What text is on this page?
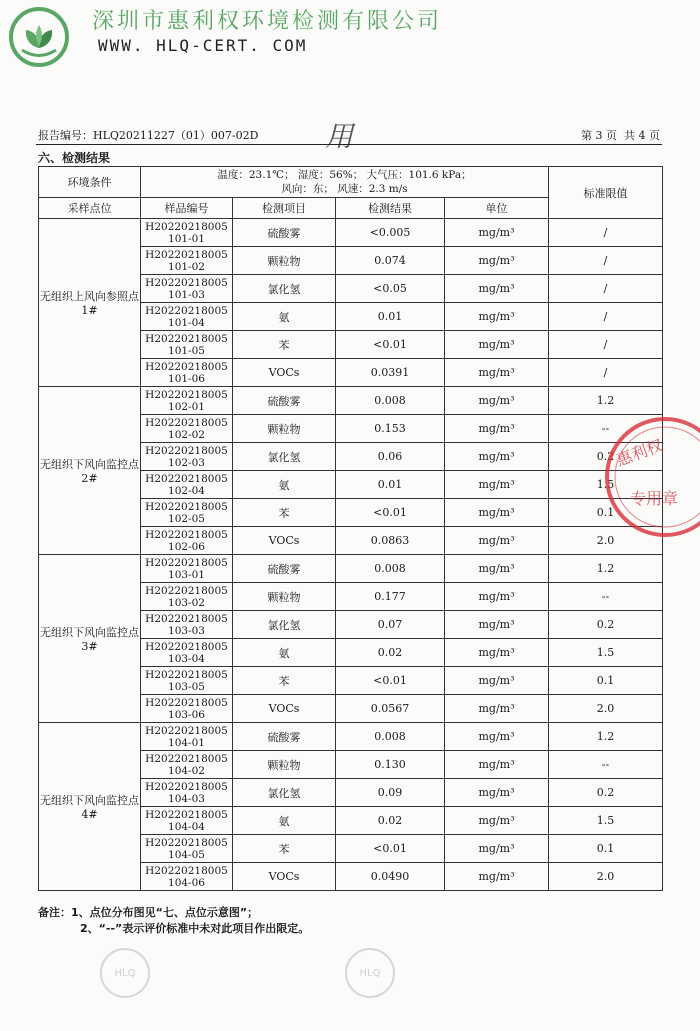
深圳市惠利权环境检测有限公司
WWW. HLQ-CERT. COM
报告编号：HLQ20211227（01）007-02D 用	第 3 页  共 4 页
六、检测结果
环境条件	温度：23.1℃； 湿度：56%； 大气压：101.6 kPa；
风向：东； 风速：2.3 m/s				标准限值
采样点位	样品编号	检测项目	检测结果	单位	
无组织上风向参照点 1#	H20220218005
101-01	硫酸雾	<0.005	mg/m³	/

	H20220218005
101-02	颗粒物	0.074	mg/m³	/

	H20220218005
101-03	氯化氢	<0.05	mg/m³	/

	H20220218005
101-04	氨	0.01	mg/m³	/

	H20220218005
101-05	苯	<0.01	mg/m³	/

	H20220218005
101-06	VOCs	0.0391	mg/m³	/
无组织下风向监控点 2#	H20220218005
102-01	硫酸雾	0.008	mg/m³	1.2

	H20220218005
102-02	颗粒物	0.153	mg/m³	--

	H20220218005
102-03	氯化氢	0.06	mg/m³	0.2

	H20220218005
102-04	氨	0.01	mg/m³	1.5

	H20220218005
102-05	苯	<0.01	mg/m³	0.1

	H20220218005
102-06	VOCs	0.0863	mg/m³	2.0
无组织下风向监控点 3#	H20220218005
103-01	硫酸雾	0.008	mg/m³	1.2

	H20220218005
103-02	颗粒物	0.177	mg/m³	--

	H20220218005
103-03	氯化氢	0.07	mg/m³	0.2

	H20220218005
103-04	氨	0.02	mg/m³	1.5

	H20220218005
103-05	苯	<0.01	mg/m³	0.1

	H20220218005
103-06	VOCs	0.0567	mg/m³	2.0
无组织下风向监控点 4#	H20220218005
104-01	硫酸雾	0.008	mg/m³	1.2

	H20220218005
104-02	颗粒物	0.130	mg/m³	--

	H20220218005
104-03	氯化氢	0.09	mg/m³	0.2

	H20220218005
104-04	氨	0.02	mg/m³	1.5

	H20220218005
104-05	苯	<0.01	mg/m³	0.1

	H20220218005
104-06	VOCs	0.0490	mg/m³	2.0
备注：1、点位分布图见“七、点位示意图”；
2、“--”表示评价标准中未对此项目作出限定。
惠利权
专用章
HLQ	HLQ
